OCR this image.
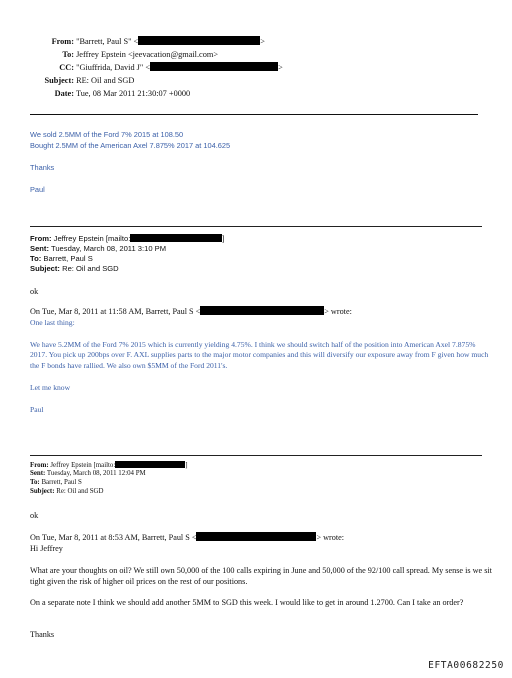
From: "Barrett, Paul S" <	>
To: Jeffrey Epstein <jeevacation@gmail.com>
CC: "Giuffrida, David J" <	>
Subject: RE: Oil and SGD
Date: Tue, 08 Mar 2011 21:30:07 +0000
We sold 2.5MM of the Ford 7% 2015 at 108.50
Bought 2.5MM of the American Axel 7.875% 2017 at 104.625
Thanks
Paul
From: Jeffrey Epstein [mailto:	]
Sent: Tuesday, March 08, 2011 3:10 PM
To: Barrett, Paul S
Subject: Re: Oil and SGD
ok
On Tue, Mar 8, 2011 at 11:58 AM, Barrett, Paul S <	> wrote:
One last thing:
We have 5.2MM of the Ford 7% 2015 which is currently yielding 4.75%. I think we should switch half of the position into American Axel 7.875% 2017. You pick up 200bps over F. AXL supplies parts to the major motor companies and this will diversify our exposure away from F given how much the F bonds have rallied. We also own $5MM of the Ford 2011's.
Let me know
Paul
From: Jeffrey Epstein [mailto:	]
Sent: Tuesday, March 08, 2011 12:04 PM
To: Barrett, Paul S
Subject: Re: Oil and SGD
ok
On Tue, Mar 8, 2011 at 8:53 AM, Barrett, Paul S <	> wrote:
Hi Jeffrey
What are your thoughts on oil? We still own 50,000 of the 100 calls expiring in June and 50,000 of the 92/100 call spread. My sense is we sit tight given the risk of higher oil prices on the rest of our positions.
On a separate note I think we should add another 5MM to SGD this week. I would like to get in around 1.2700. Can I take an order?
Thanks
EFTA00682250
